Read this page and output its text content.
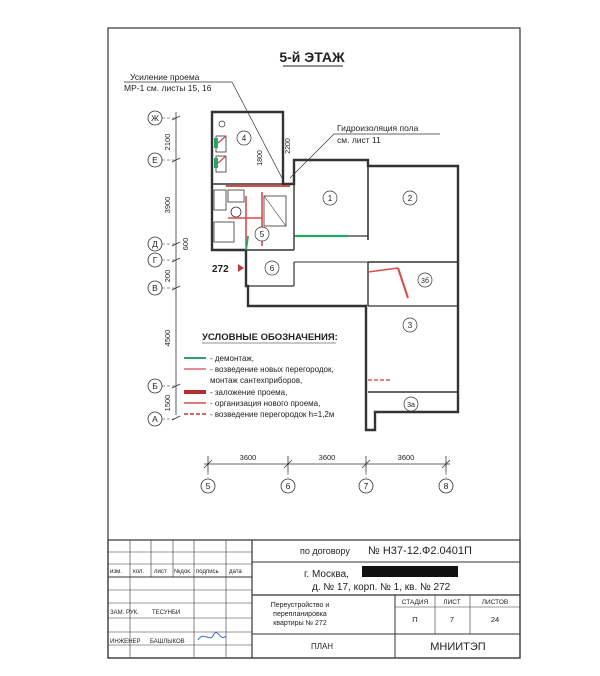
5-й ЭТАЖ
Усиление проема
МР-1 см. листы 15, 16
Гидроизоляция пола
см. лист 11
2100
3900
600
200
4500
1500
Ж
Е
Д
Г
В
Б
А
1800
2200
4
5
6
1	2
3б
3
3а
272
УСЛОВНЫЕ ОБОЗНАЧЕНИЯ:
- демонтаж,
- возведение новых перегородок,
монтаж сантехприборов,
- заложение проема,
- организация нового проема,
- возведение перегородок h=1,2м
3600	3600	3600
5	6	7	8
по договору № Н37-12.Ф2.0401П
г. Москва,
д. № 17, корп. № 1, кв. № 272
изм. кол. лист №док. подпись дата
ЗАМ. РУК. ТЕСУНБИ
ИНЖЕНЕР БАШЛЫКОВ
Переустройство и
перепланировка
квартиры № 272
СТАДИЯ ЛИСТ	ЛИСТОВ
П	7	24
ПЛАН	МНИИТЭП
